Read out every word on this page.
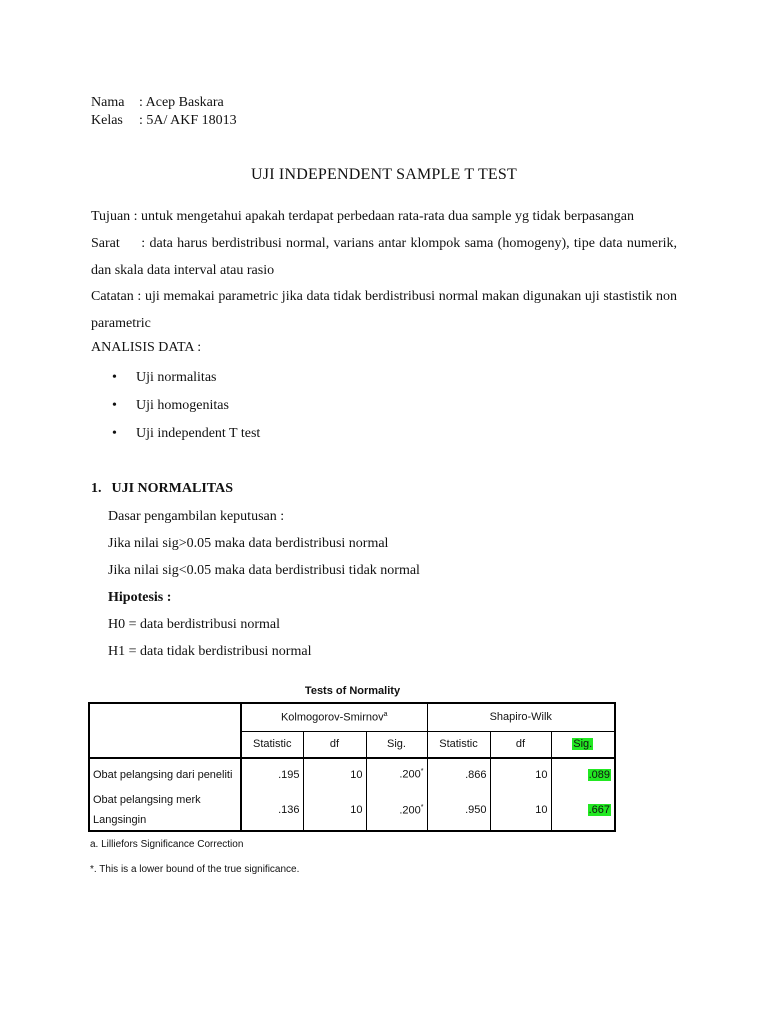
Nama	: Acep Baskara
Kelas	: 5A/ AKF 18013
UJI INDEPENDENT SAMPLE T TEST
Tujuan : untuk mengetahui apakah terdapat perbedaan rata-rata dua sample yg tidak berpasangan
Sarat     : data harus berdistribusi normal, varians antar klompok sama (homogeny), tipe data numerik, dan skala data interval atau rasio
Catatan : uji memakai parametric jika data tidak berdistribusi normal makan digunakan uji stastistik non parametric
ANALISIS DATA :
•	Uji normalitas
•	Uji homogenitas
•	Uji independent T test
1. UJI NORMALITAS
Dasar pengambilan keputusan :
Jika nilai sig>0.05 maka data berdistribusi normal
Jika nilai sig<0.05 maka data berdistribusi tidak normal
Hipotesis :
H0 = data berdistribusi normal
H1 = data tidak berdistribusi normal
Tests of Normality
	Kolmogorov-Smirnov$^a$			Shapiro-Wilk		
	Statistic	df	Sig.	Statistic	df	Sig.
Obat pelangsing dari peneliti	.195	10	.200*	.866	10	.089
Obat pelangsing merk Langsingin	.136	10	.200*	.950	10	.667
a. Lilliefors Significance Correction
*. This is a lower bound of the true significance.
